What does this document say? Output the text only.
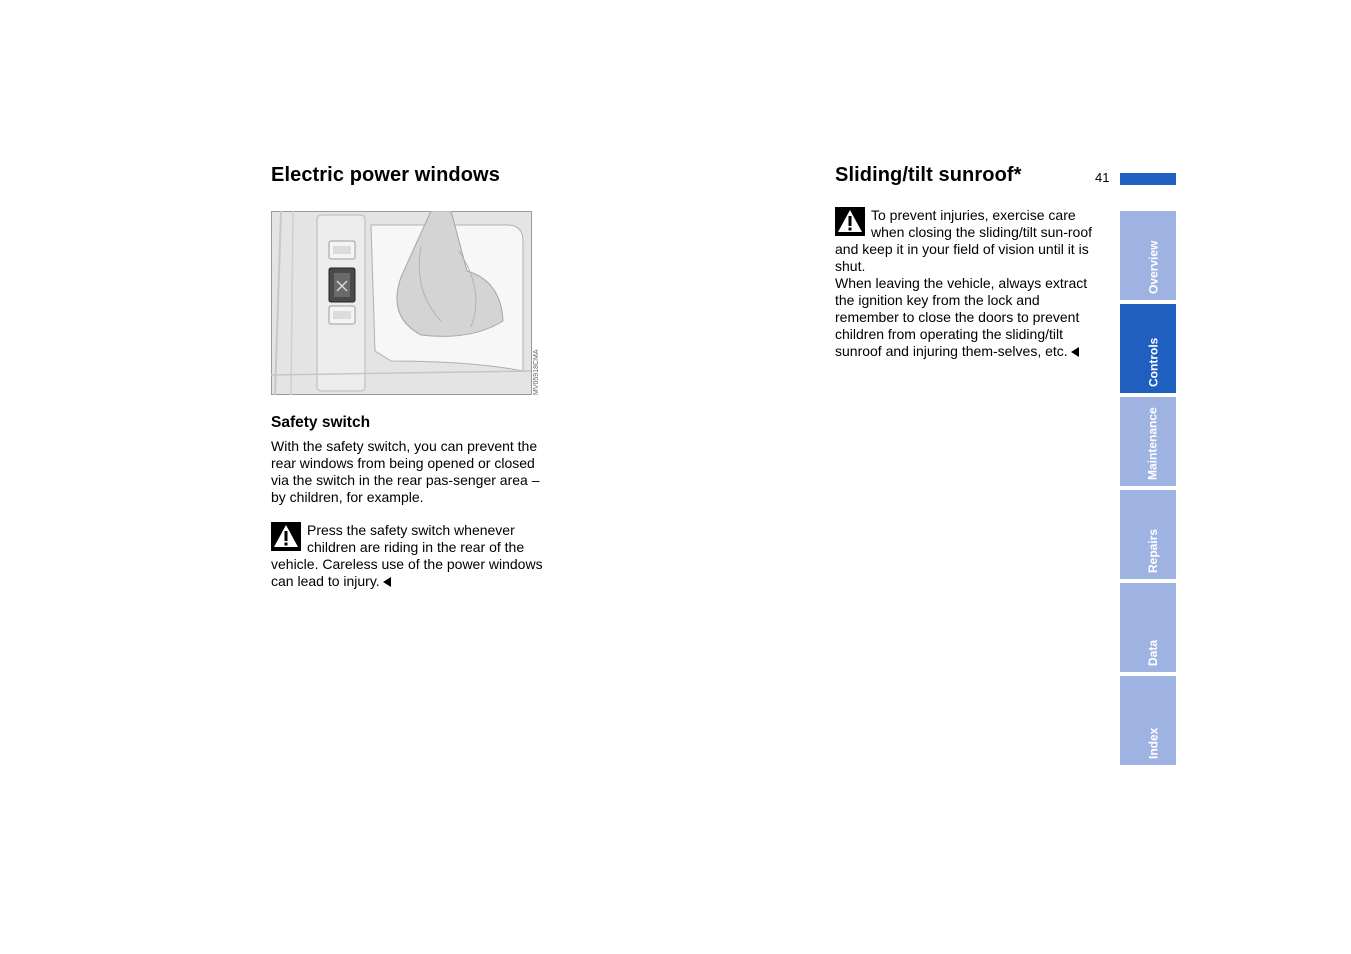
Electric power windows
MV05918CMA
Safety switch

With the safety switch, you can prevent the rear windows from being opened or closed via the switch in the rear pas-senger area – by children, for example.

Press the safety switch whenever children are riding in the rear of the vehicle. Careless use of the power windows can lead to injury.

Sliding/tilt sunroof*

To prevent injuries, exercise care when closing the sliding/tilt sun-roof and keep it in your field of vision until it is shut.

When leaving the vehicle, always extract the ignition key from the lock and remember to close the doors to prevent children from operating the sliding/tilt sunroof and injuring them-selves, etc.

41
Overview
Controls
Maintenance
Repairs
Data
Index
